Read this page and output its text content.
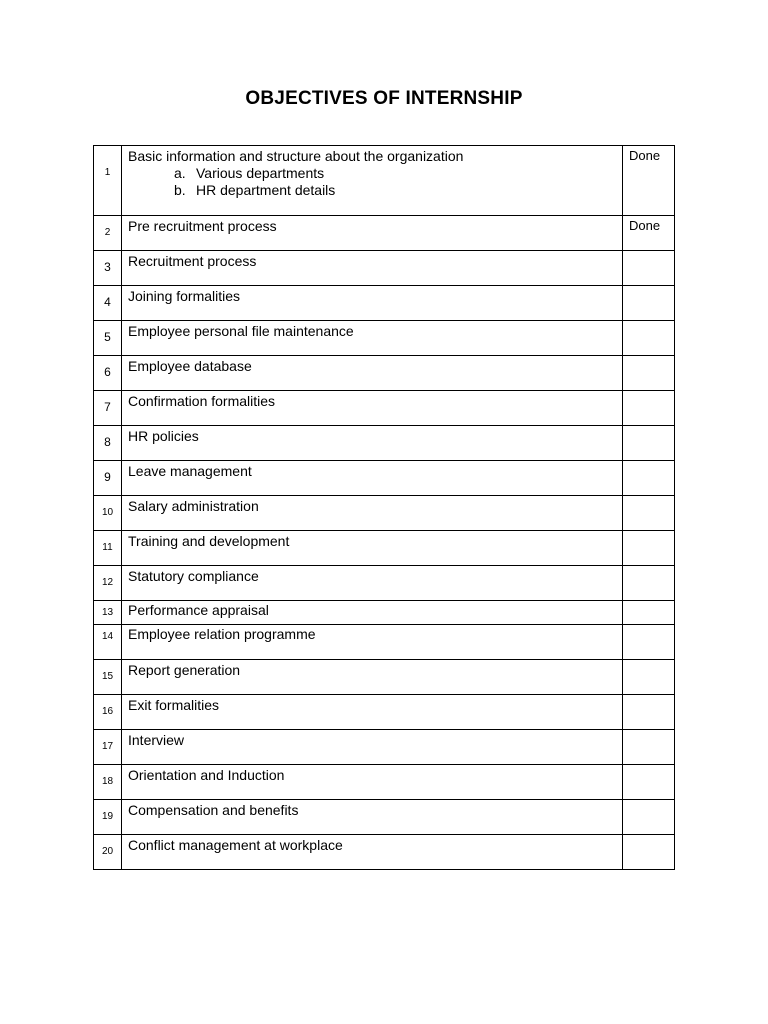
OBJECTIVES OF INTERNSHIP
1	Basic information and structure about the organization
a. Various departments
b. HR department details	Done
2	Pre recruitment process	Done
3	Recruitment process	
4	Joining formalities	
5	Employee personal file maintenance	
6	Employee database	
7	Confirmation formalities	
8	HR policies	
9	Leave management	
10	Salary administration	
11	Training and development	
12	Statutory compliance	
13	Performance appraisal	
14	Employee relation programme	
15	Report generation	
16	Exit formalities	
17	Interview	
18	Orientation and Induction	
19	Compensation and benefits	
20	Conflict management at workplace	
